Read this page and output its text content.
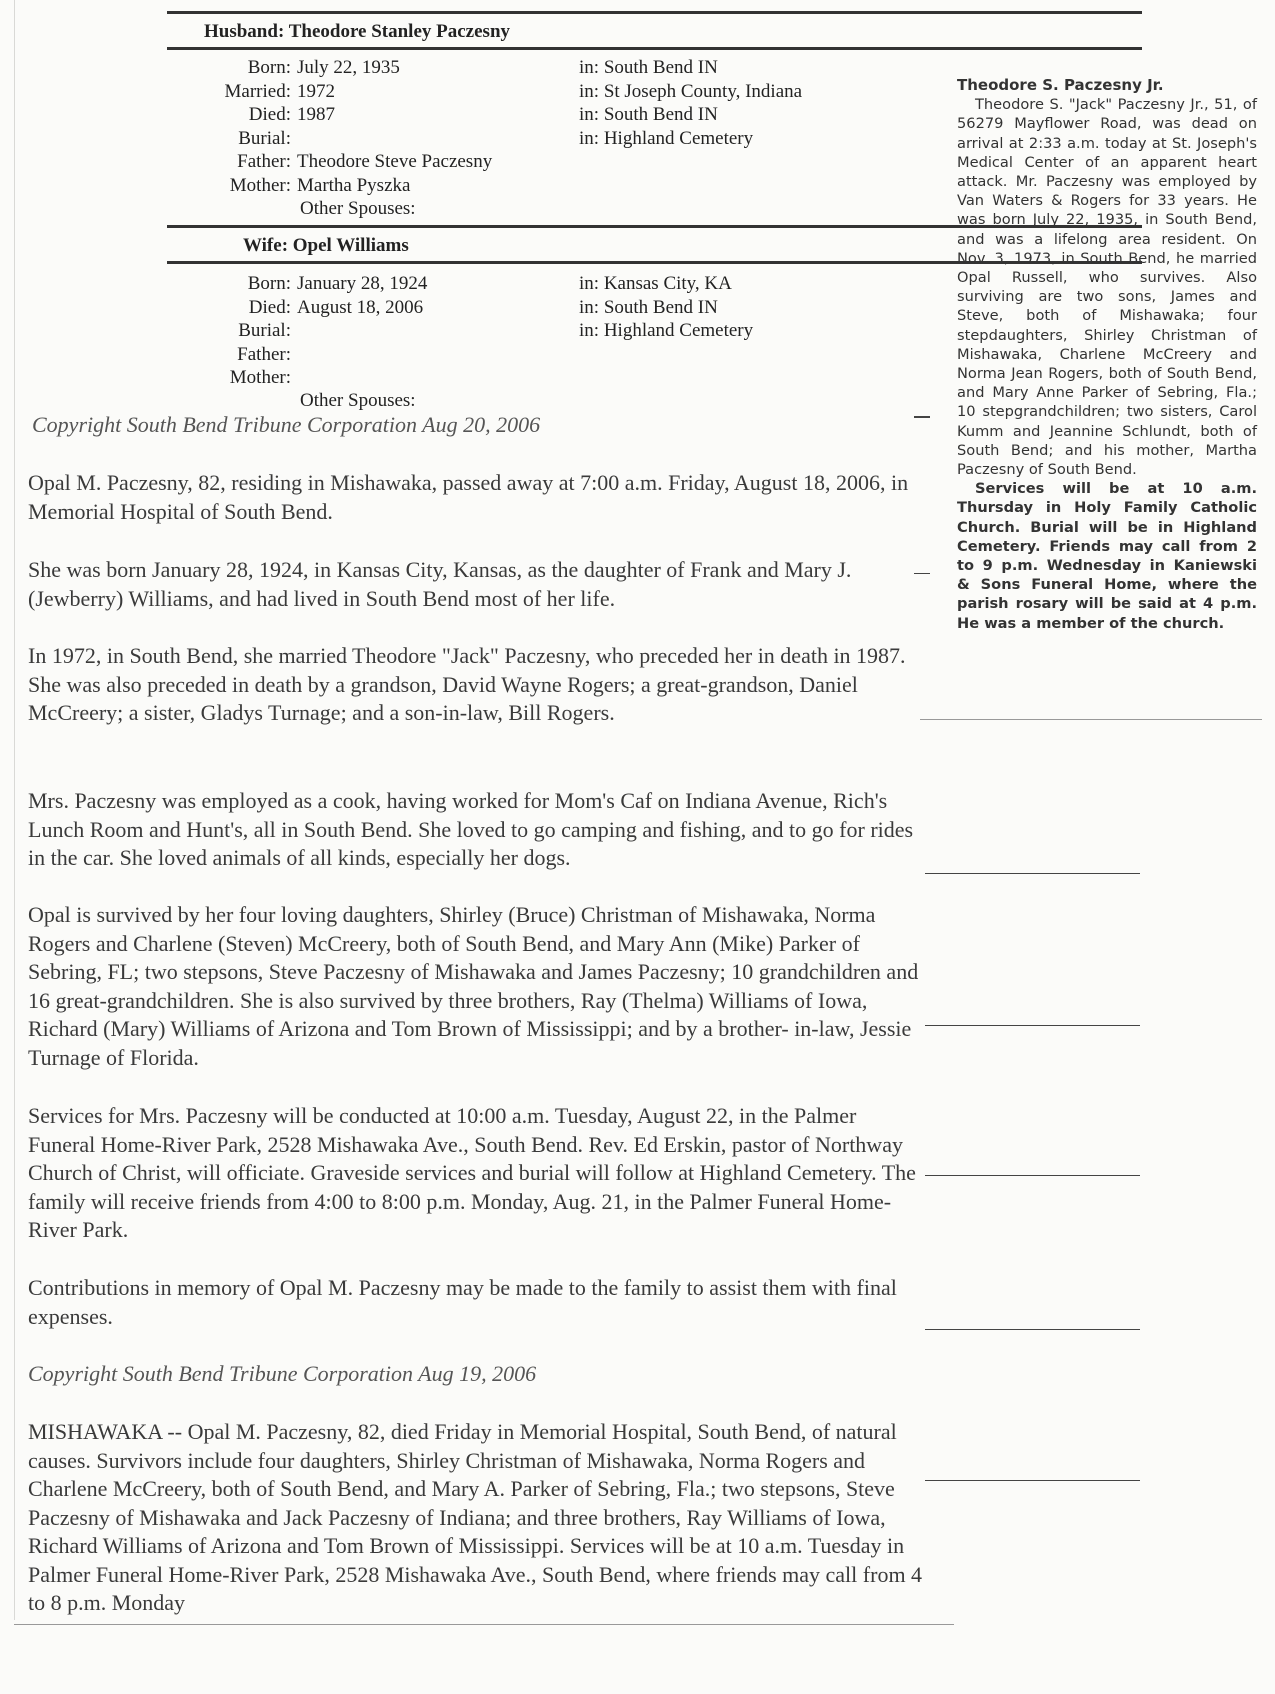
Husband: Theodore Stanley Paczesny
Born: July 22, 1935	in: South Bend IN
Married: 1972	in: St Joseph County, Indiana
Died: 1987	in: South Bend IN
Burial:	in: Highland Cemetery
Father: Theodore Steve Paczesny
Mother: Martha Pyszka
Other Spouses:
Wife: Opel Williams
Born: January 28, 1924	in: Kansas City, KA
Died: August 18, 2006	in: South Bend IN
Burial:	in: Highland Cemetery
Father:
Mother:
Other Spouses:
Copyright South Bend Tribune Corporation Aug 20, 2006
Opal M. Paczesny, 82, residing in Mishawaka, passed away at 7:00 a.m. Friday, August 18, 2006, in Memorial Hospital of South Bend.
She was born January 28, 1924, in Kansas City, Kansas, as the daughter of Frank and Mary J. (Jewberry) Williams, and had lived in South Bend most of her life.
In 1972, in South Bend, she married Theodore "Jack" Paczesny, who preceded her in death in 1987. She was also preceded in death by a grandson, David Wayne Rogers; a great-grandson, Daniel McCreery; a sister, Gladys Turnage; and a son-in-law, Bill Rogers.
Mrs. Paczesny was employed as a cook, having worked for Mom's Caf on Indiana Avenue, Rich's Lunch Room and Hunt's, all in South Bend. She loved to go camping and fishing, and to go for rides in the car. She loved animals of all kinds, especially her dogs.
Opal is survived by her four loving daughters, Shirley (Bruce) Christman of Mishawaka, Norma Rogers and Charlene (Steven) McCreery, both of South Bend, and Mary Ann (Mike) Parker of Sebring, FL; two stepsons, Steve Paczesny of Mishawaka and James Paczesny; 10 grandchildren and 16 great-grandchildren. She is also survived by three brothers, Ray (Thelma) Williams of Iowa, Richard (Mary) Williams of Arizona and Tom Brown of Mississippi; and by a brother- in-law, Jessie Turnage of Florida.
Services for Mrs. Paczesny will be conducted at 10:00 a.m. Tuesday, August 22, in the Palmer Funeral Home-River Park, 2528 Mishawaka Ave., South Bend. Rev. Ed Erskin, pastor of Northway Church of Christ, will officiate. Graveside services and burial will follow at Highland Cemetery. The family will receive friends from 4:00 to 8:00 p.m. Monday, Aug. 21, in the Palmer Funeral Home-River Park.
Contributions in memory of Opal M. Paczesny may be made to the family to assist them with final expenses.
Copyright South Bend Tribune Corporation Aug 19, 2006
MISHAWAKA -- Opal M. Paczesny, 82, died Friday in Memorial Hospital, South Bend, of natural causes. Survivors include four daughters, Shirley Christman of Mishawaka, Norma Rogers and Charlene McCreery, both of South Bend, and Mary A. Parker of Sebring, Fla.; two stepsons, Steve Paczesny of Mishawaka and Jack Paczesny of Indiana; and three brothers, Ray Williams of Iowa, Richard Williams of Arizona and Tom Brown of Mississippi. Services will be at 10 a.m. Tuesday in Palmer Funeral Home-River Park, 2528 Mishawaka Ave., South Bend, where friends may call from 4 to 8 p.m. Monday
Theodore S. Paczesny Jr.

Theodore S. "Jack" Paczesny Jr., 51, of 56279 Mayflower Road, was dead on arrival at 2:33 a.m. today at St. Joseph's Medical Center of an apparent heart attack. Mr. Paczesny was employed by Van Waters & Rogers for 33 years. He was born July 22, 1935, in South Bend, and was a lifelong area resident. On Nov. 3, 1973, in South Bend, he married Opal Russell, who survives. Also surviving are two sons, James and Steve, both of Mishawaka; four stepdaughters, Shirley Christman of Mishawaka, Charlene McCreery and Norma Jean Rogers, both of South Bend, and Mary Anne Parker of Sebring, Fla.; 10 stepgrandchildren; two sisters, Carol Kumm and Jeannine Schlundt, both of South Bend; and his mother, Martha Paczesny of South Bend.

Services will be at 10 a.m. Thursday in Holy Family Catholic Church. Burial will be in Highland Cemetery. Friends may call from 2 to 9 p.m. Wednesday in Kaniewski & Sons Funeral Home, where the parish rosary will be said at 4 p.m. He was a member of the church.
